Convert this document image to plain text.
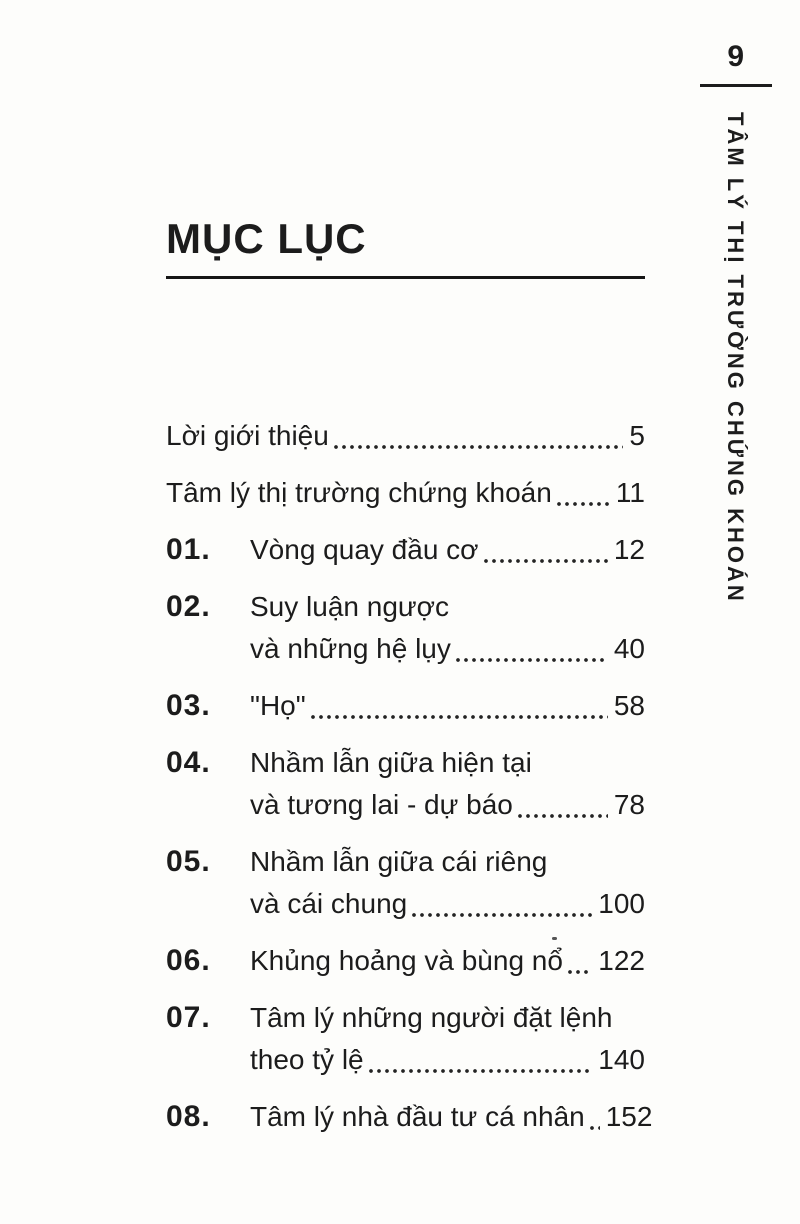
9
TÂM LÝ THỊ TRƯỜNG CHỨNG KHOÁN
MỤC LỤC
Lời giới thiệu	5
Tâm lý thị trường chứng khoán 11
01.	Vòng quay đầu cơ	12
02.	Suy luận ngược
và những hệ lụy	40
03.	"Họ"	58
04.	Nhầm lẫn giữa hiện tại
và tương lai - dự báo	78
05.	Nhầm lẫn giữa cái riêng
và cái chung	100
06.	Khủng hoảng và bùng nổ 122
07.	Tâm lý những người đặt lệnh
theo tỷ lệ	140
08.	Tâm lý nhà đầu tư cá nhân 152
